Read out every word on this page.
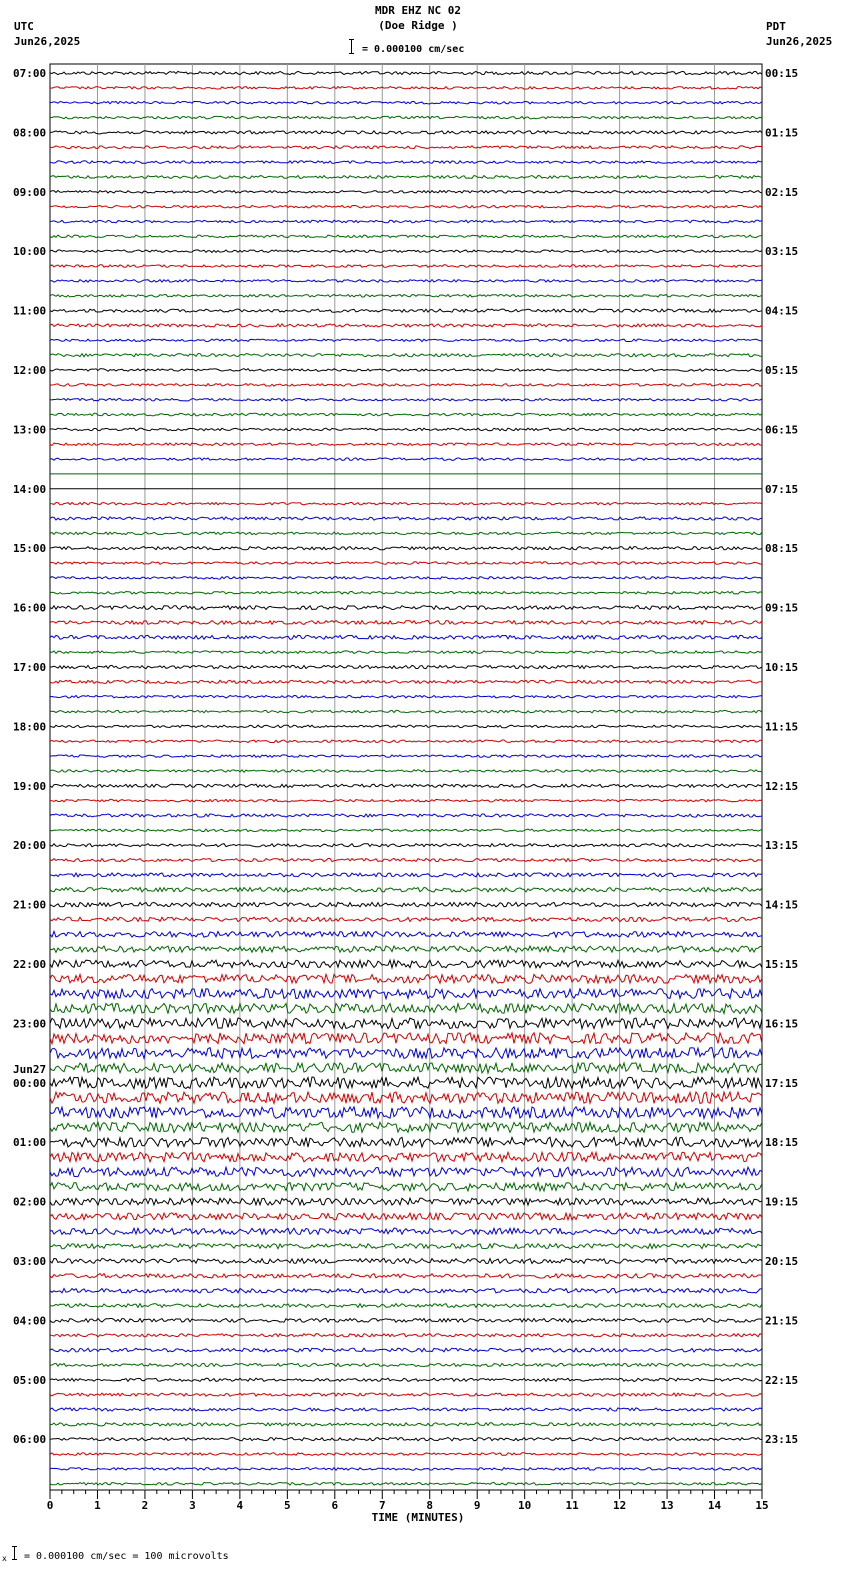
MDR EHZ NC 02
(Doe Ridge )
= 0.000100 cm/sec
UTC
Jun26,2025
PDT
Jun26,2025
0	1	2	3	4	5	6	7	8	9	10	11	12	13	14	15
07:00
08:00
09:00
10:00
11:00
12:00
13:00
14:00
15:00
16:00
17:00
18:00
19:00
20:00
21:00
22:00
23:00
00:00
01:00
02:00
03:00
04:00
05:00
06:00
00:15
01:15
02:15
03:15
04:15
05:15
06:15
07:15
08:15
09:15
10:15
11:15
12:15
13:15
14:15
15:15
16:15
17:15
18:15
19:15
20:15
21:15
22:15
23:15
Jun27
TIME (MINUTES)
x = 0.000100 cm/sec = 100 microvolts
